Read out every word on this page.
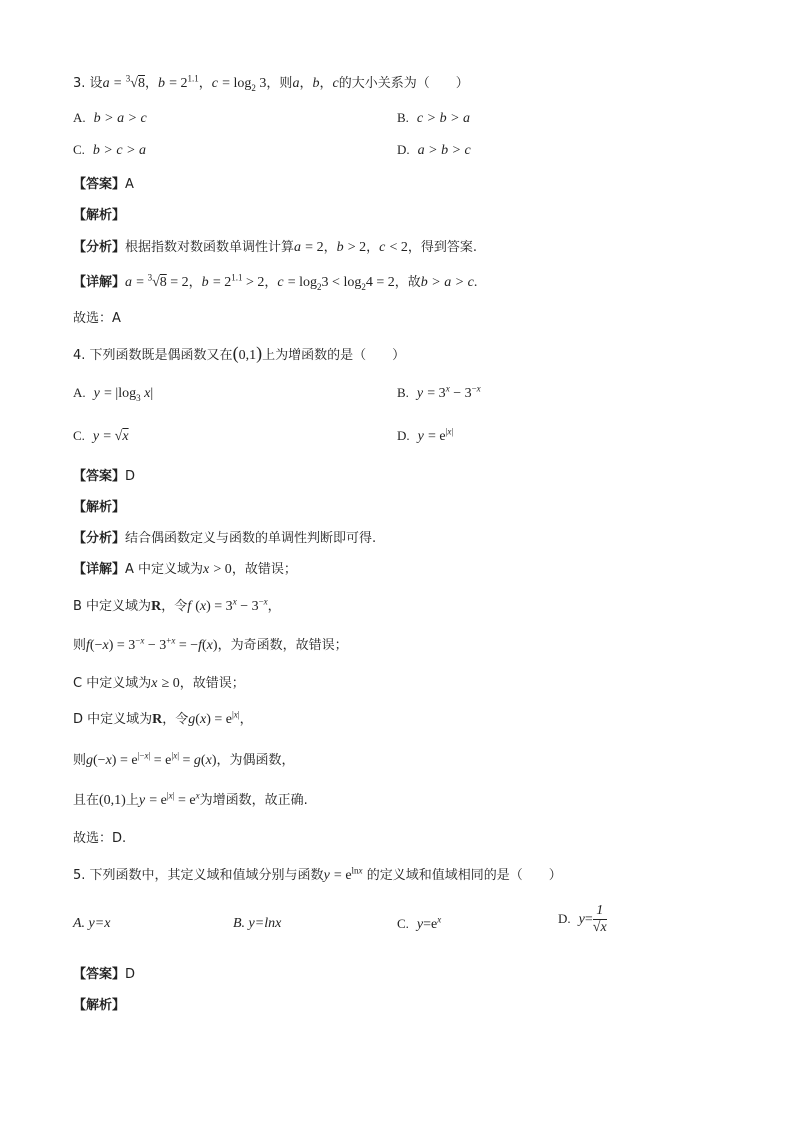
3. 设a = $^3$√8，$b = 2^{1.1}$，$c = \log_2 3$，则a，b，c的大小关系为（　　）
A. b > a > c	B. c > b > a
C. b > c > a	D. a > b > c
【答案】A
【解析】
【分析】根据指数对数函数单调性计算a = 2，b > 2，c < 2，得到答案.
【详解】a = $^3$√8 = 2，$b = 2^{1.1} > 2$，$c = \log_23 < \log_24 = 2$，故b > a > c.
故选：A
4. 下列函数既是偶函数又在(0,1)上为增函数的是（　　）
A. $y = |\log_3$ x|	B. $y = 3^x - 3^{-x}$
C. y = √x	D. $y = e^{|x|}$
【答案】D
【解析】
【分析】结合偶函数定义与函数的单调性判断即可得.
【详解】A 中定义域为x > 0，故错误；
B 中定义域为R，令f $(x) = 3^x - 3^{-x}$，
则$f(-x) = 3^{-x} - 3^{+x} = -f(x)$，为奇函数，故错误；
C 中定义域为x ≥ 0，故错误；
D 中定义域为R，令$g(x) = e^{|x|}$，
则$g(-x) = e^{|-x|} = e^{|x|} = g(x)$，为偶函数，
且在(0,1)上$y = e^{|x|} = e^x$为增函数，故正确.
故选：D.
5. 下列函数中，其定义域和值域分别与函数$y = e^{lnx}$ 的定义域和值域相同的是（　　）
A. y=x	B. y=lnx	C. $y=e^x$	D. $y= \frac{1}{√x}$
【答案】D
【解析】
